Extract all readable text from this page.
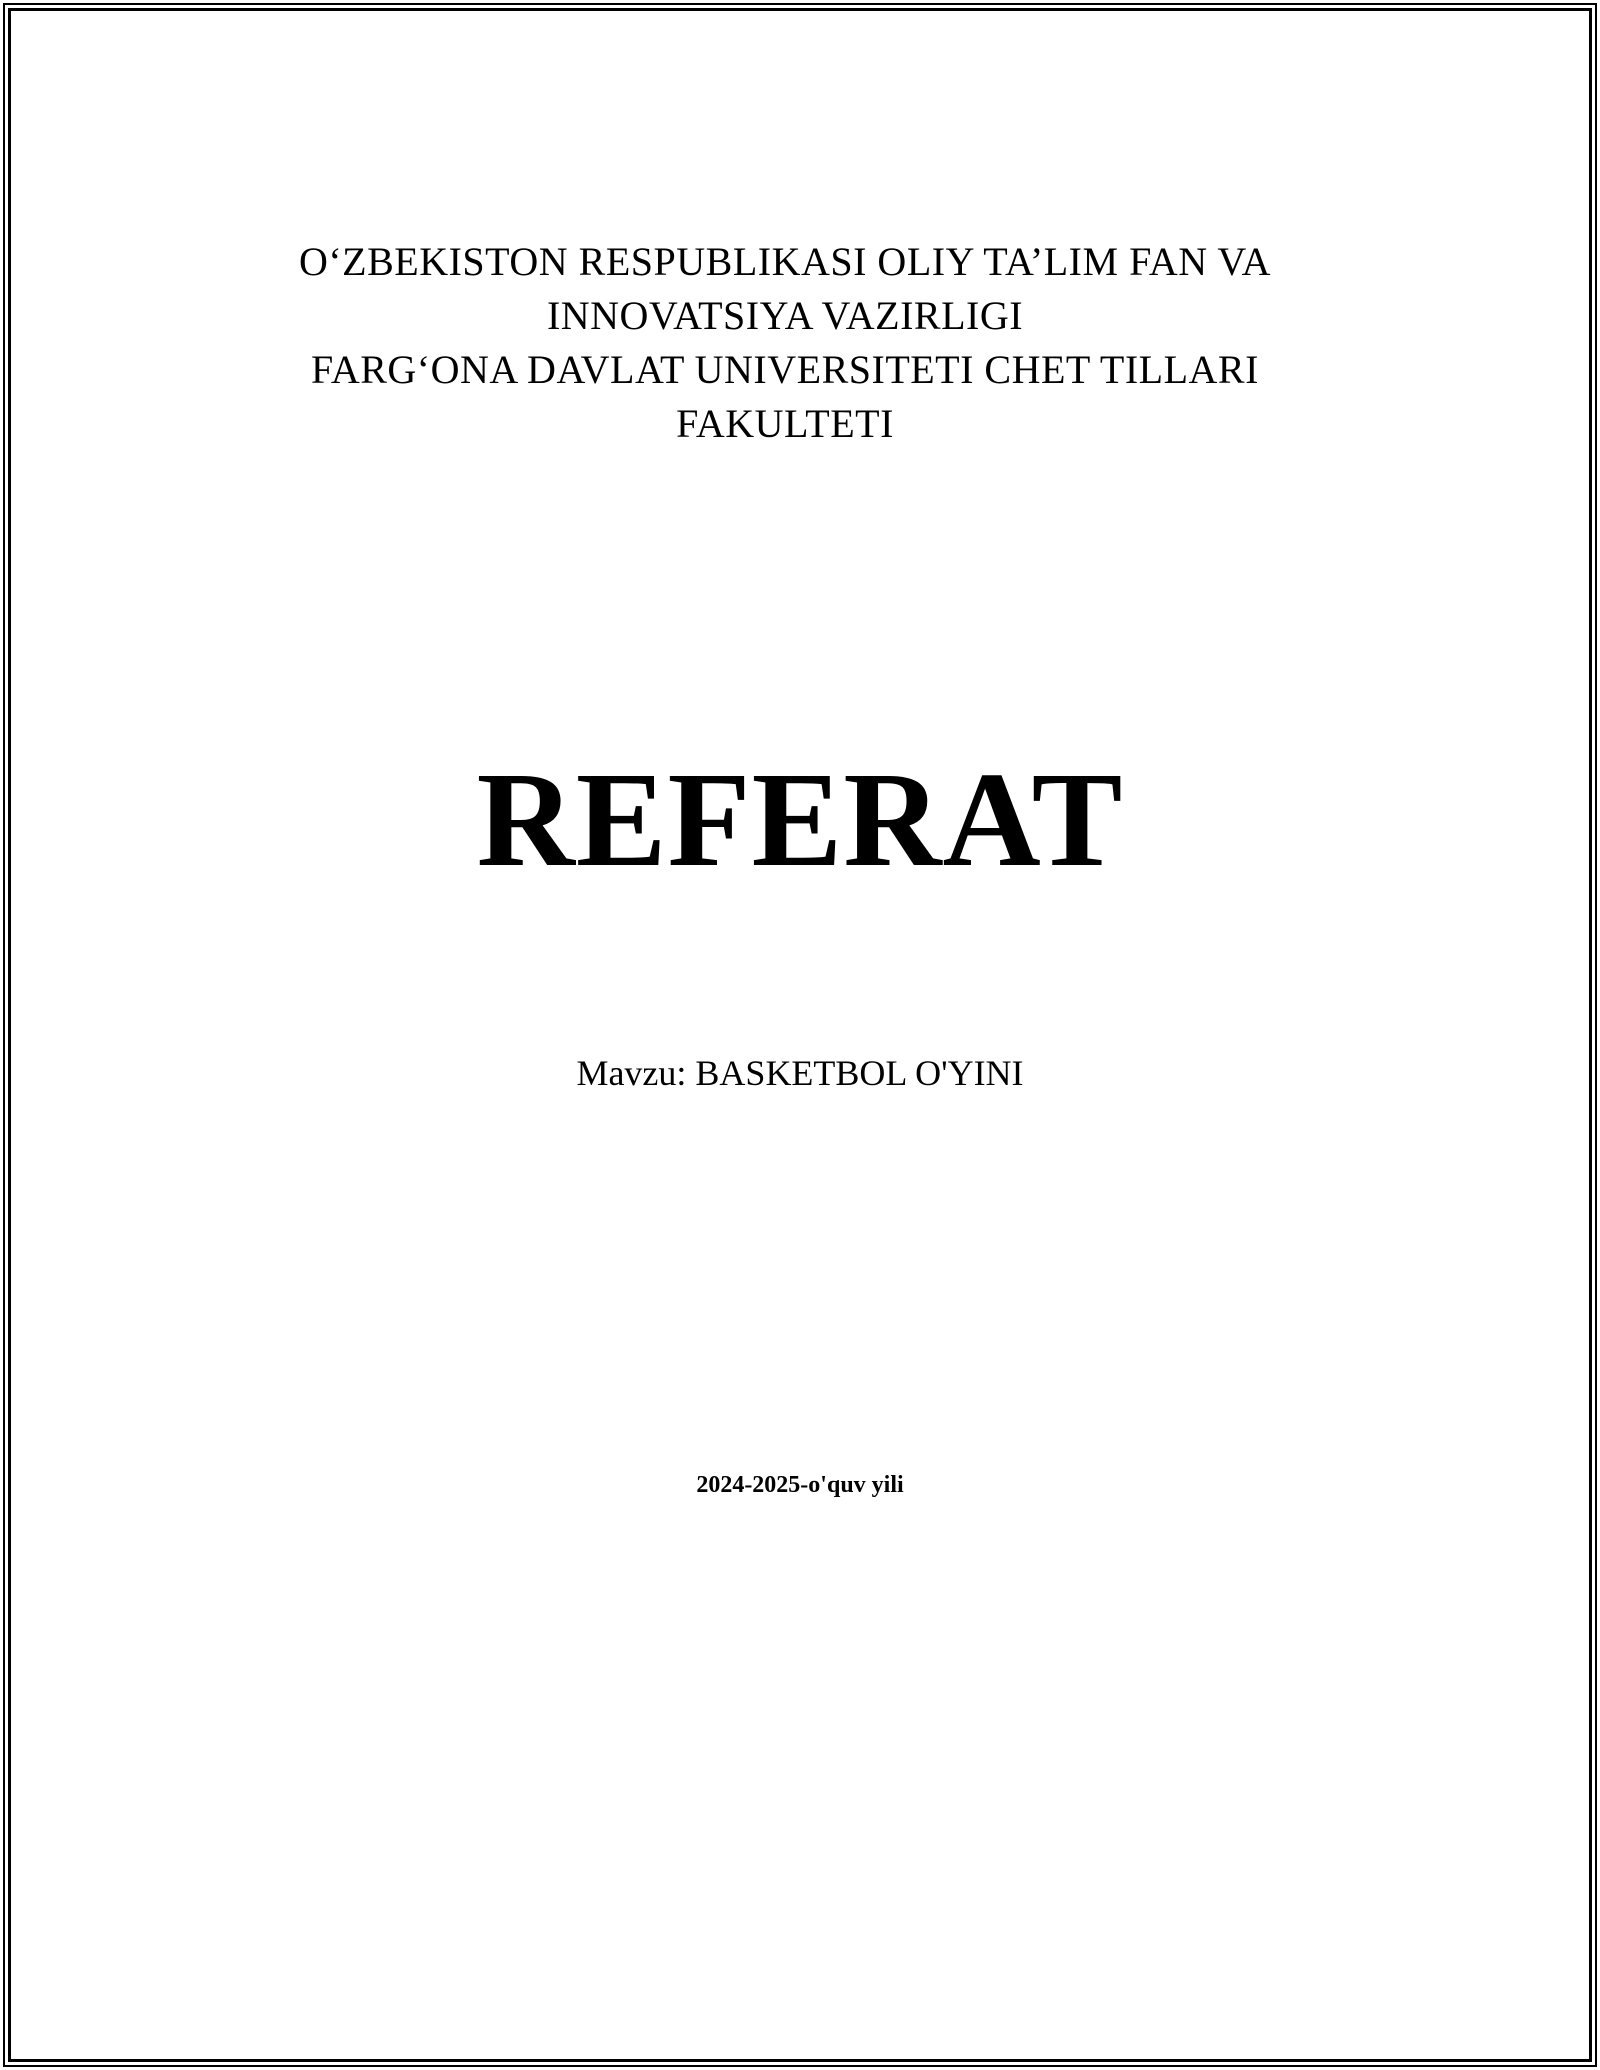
OʻZBEKISTON RESPUBLIKASI OLIY TA’LIM FAN VA
INNOVATSIYA VAZIRLIGI
FARGʻONA DAVLAT UNIVERSITETI CHET TILLARI
FAKULTETI
REFERAT
Mavzu: BASKETBOL O'YINI
2024-2025-o'quv yili
